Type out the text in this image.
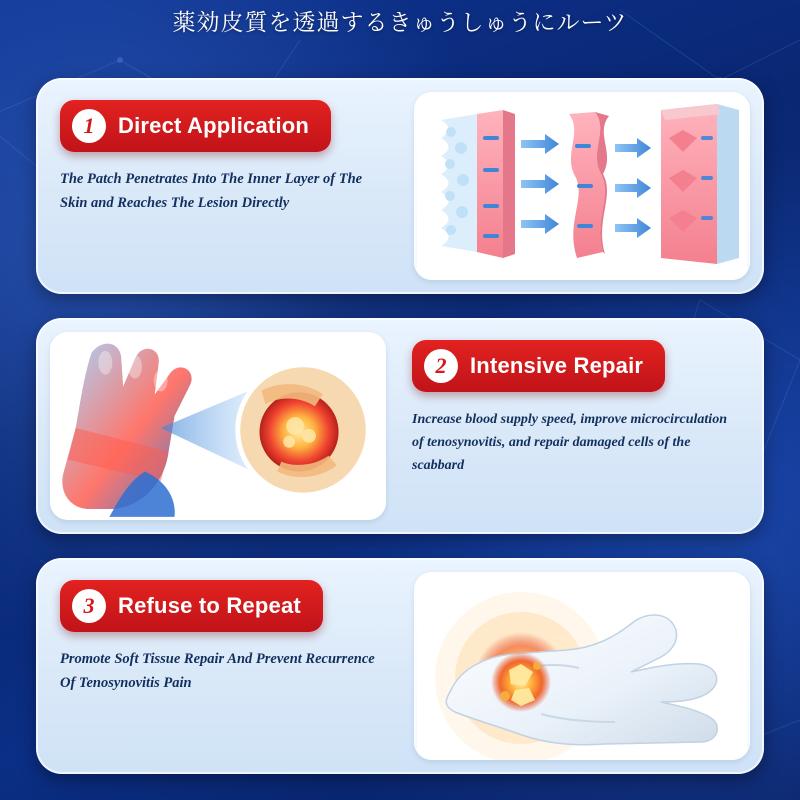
薬効皮質を透過するきゅうしゅうにルーツ
1	Direct Application
The Patch Penetrates Into The Inner Layer of The Skin and Reaches The Lesion Directly
2	Intensive Repair
Increase blood supply speed, improve microcirculation of tenosynovitis, and repair damaged cells of the scabbard
3	Refuse to Repeat
Promote Soft Tissue Repair And Prevent Recurrence Of Tenosynovitis Pain
